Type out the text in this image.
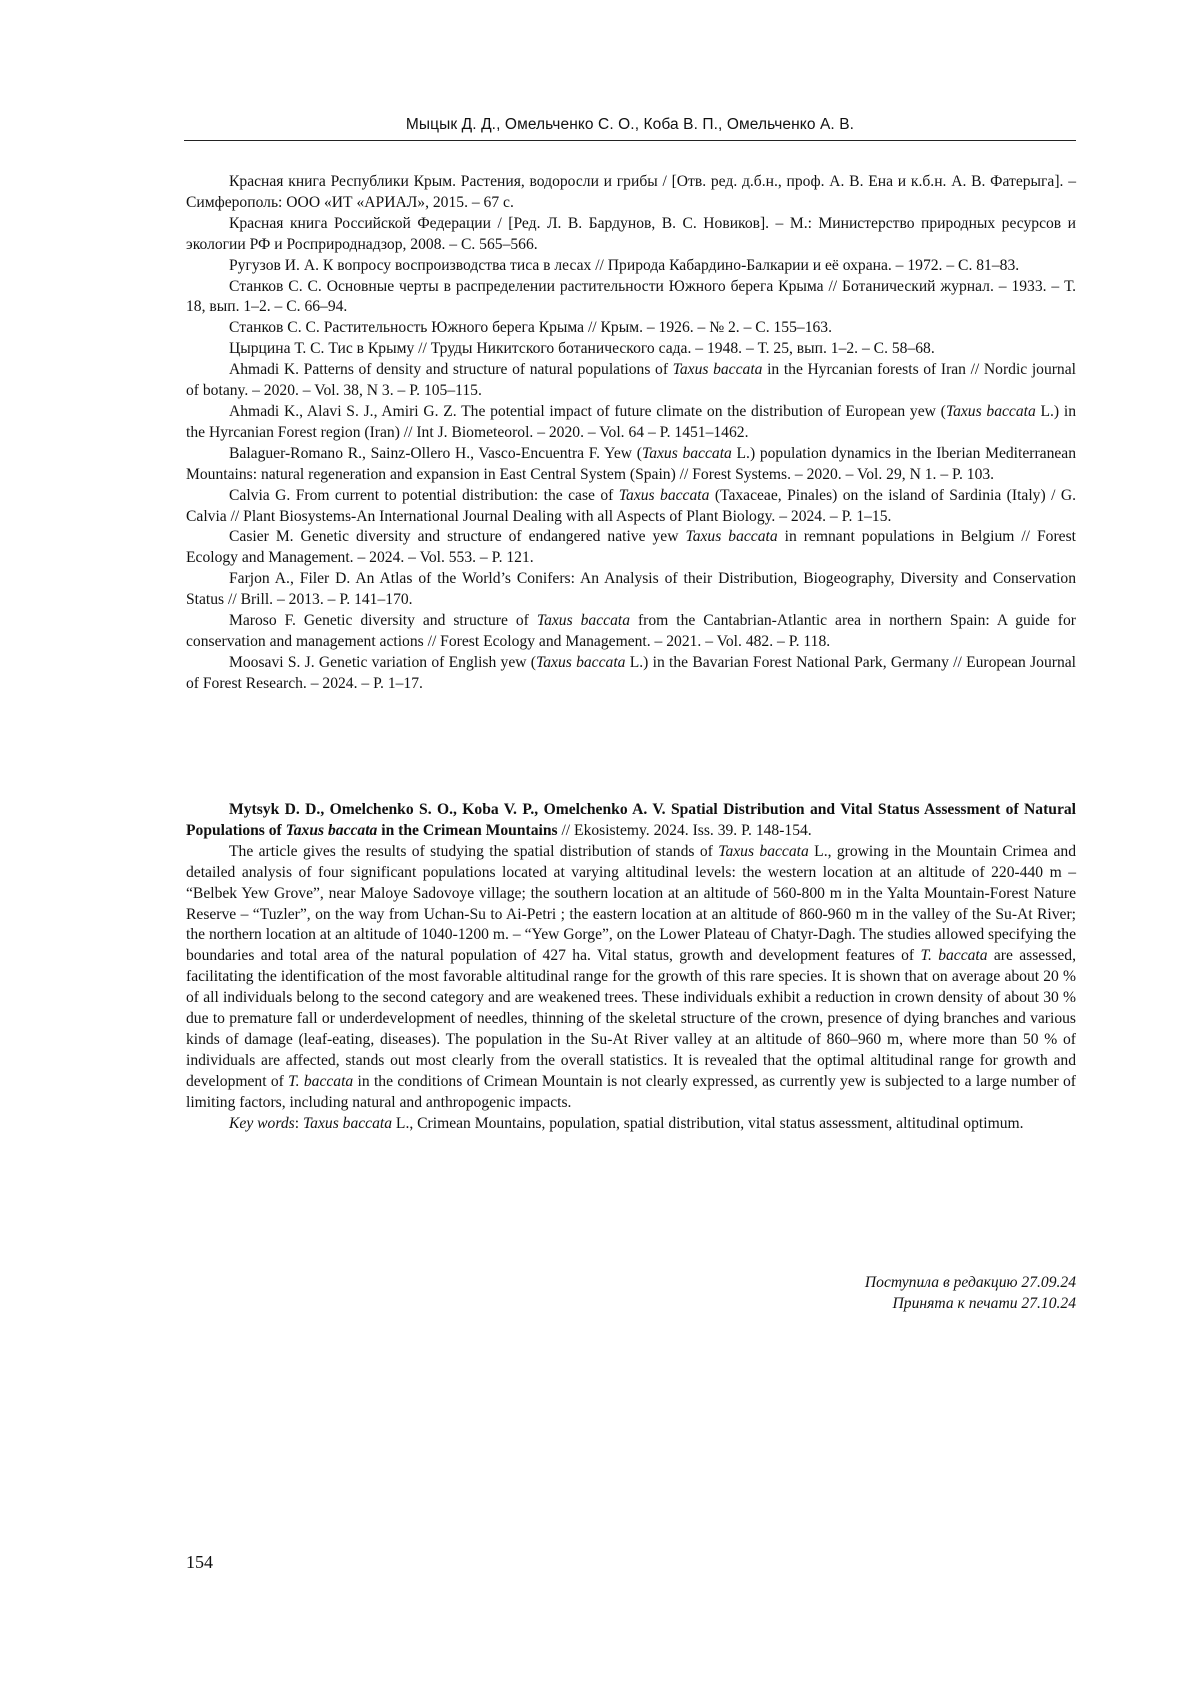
Мыцык Д. Д., Омельченко С. О., Коба В. П., Омельченко А. В.

Красная книга Республики Крым. Растения, водоросли и грибы / [Отв. ред. д.б.н., проф. А. В. Ена и к.б.н. А. В. Фатерыга]. – Симферополь: ООО «ИТ «АРИАЛ», 2015. – 67 с.

Красная книга Российской Федерации / [Ред. Л. В. Бардунов, В. С. Новиков]. – М.: Министерство природных ресурсов и экологии РФ и Росприроднадзор, 2008. – С. 565–566.

Ругузов И. А. К вопросу воспроизводства тиса в лесах // Природа Кабардино-Балкарии и её охрана. – 1972. – С. 81–83.

Станков С. С. Основные черты в распределении растительности Южного берега Крыма // Ботанический журнал. – 1933. – Т. 18, вып. 1–2. – С. 66–94.

Станков С. С. Растительность Южного берега Крыма // Крым. – 1926. – № 2. – С. 155–163.

Цырцина Т. С. Тис в Крыму // Труды Никитского ботанического сада. – 1948. – Т. 25, вып. 1–2. – С. 58–68.

Ahmadi K. Patterns of density and structure of natural populations of Taxus baccata in the Hyrcanian forests of Iran // Nordic journal of botany. – 2020. – Vol. 38, N 3. – P. 105–115.

Ahmadi K., Alavi S. J., Amiri G. Z. The potential impact of future climate on the distribution of European yew (Taxus baccata L.) in the Hyrcanian Forest region (Iran) // Int J. Biometeorol. – 2020. – Vol. 64 – P. 1451–1462.

Balaguer-Romano R., Sainz-Ollero H., Vasco-Encuentra F. Yew (Taxus baccata L.) population dynamics in the Iberian Mediterranean Mountains: natural regeneration and expansion in East Central System (Spain) // Forest Systems. – 2020. – Vol. 29, N 1. – P. 103.

Calvia G. From current to potential distribution: the case of Taxus baccata (Taxaceae, Pinales) on the island of Sardinia (Italy) / G. Calvia // Plant Biosystems-An International Journal Dealing with all Aspects of Plant Biology. – 2024. – P. 1–15.

Casier M. Genetic diversity and structure of endangered native yew Taxus baccata in remnant populations in Belgium // Forest Ecology and Management. – 2024. – Vol. 553. – P. 121.

Farjon A., Filer D. An Atlas of the World’s Conifers: An Analysis of their Distribution, Biogeography, Diversity and Conservation Status // Brill. – 2013. – P. 141–170.

Maroso F. Genetic diversity and structure of Taxus baccata from the Cantabrian-Atlantic area in northern Spain: A guide for conservation and management actions // Forest Ecology and Management. – 2021. – Vol. 482. – P. 118.

Moosavi S. J. Genetic variation of English yew (Taxus baccata L.) in the Bavarian Forest National Park, Germany // European Journal of Forest Research. – 2024. – P. 1–17.

Mytsyk D. D., Omelchenko S. O., Koba V. P., Omelchenko A. V. Spatial Distribution and Vital Status Assessment of Natural Populations of Taxus baccata in the Crimean Mountains // Ekosistemy. 2024. Iss. 39. P. 148-154.

The article gives the results of studying the spatial distribution of stands of Taxus baccata L., growing in the Mountain Crimea and detailed analysis of four significant populations located at varying altitudinal levels: the western location at an altitude of 220-440 m – “Belbek Yew Grove”, near Maloye Sadovoye village; the southern location at an altitude of 560-800 m in the Yalta Mountain-Forest Nature Reserve – “Tuzler”, on the way from Uchan-Su to Ai-Petri ; the eastern location at an altitude of 860-960 m in the valley of the Su-At River; the northern location at an altitude of 1040-1200 m. – “Yew Gorge”, on the Lower Plateau of Chatyr-Dagh. The studies allowed specifying the boundaries and total area of the natural population of 427 ha. Vital status, growth and development features of T. baccata are assessed, facilitating the identification of the most favorable altitudinal range for the growth of this rare species. It is shown that on average about 20 % of all individuals belong to the second category and are weakened trees. These individuals exhibit a reduction in crown density of about 30 % due to premature fall or underdevelopment of needles, thinning of the skeletal structure of the crown, presence of dying branches and various kinds of damage (leaf-eating, diseases). The population in the Su-At River valley at an altitude of 860–960 m, where more than 50 % of individuals are affected, stands out most clearly from the overall statistics. It is revealed that the optimal altitudinal range for growth and development of T. baccata in the conditions of Crimean Mountain is not clearly expressed, as currently yew is subjected to a large number of limiting factors, including natural and anthropogenic impacts.

Key words: Taxus baccata L., Crimean Mountains, population, spatial distribution, vital status assessment, altitudinal optimum.

Поступила в редакцию 27.09.24
Принята к печати 27.10.24
154
